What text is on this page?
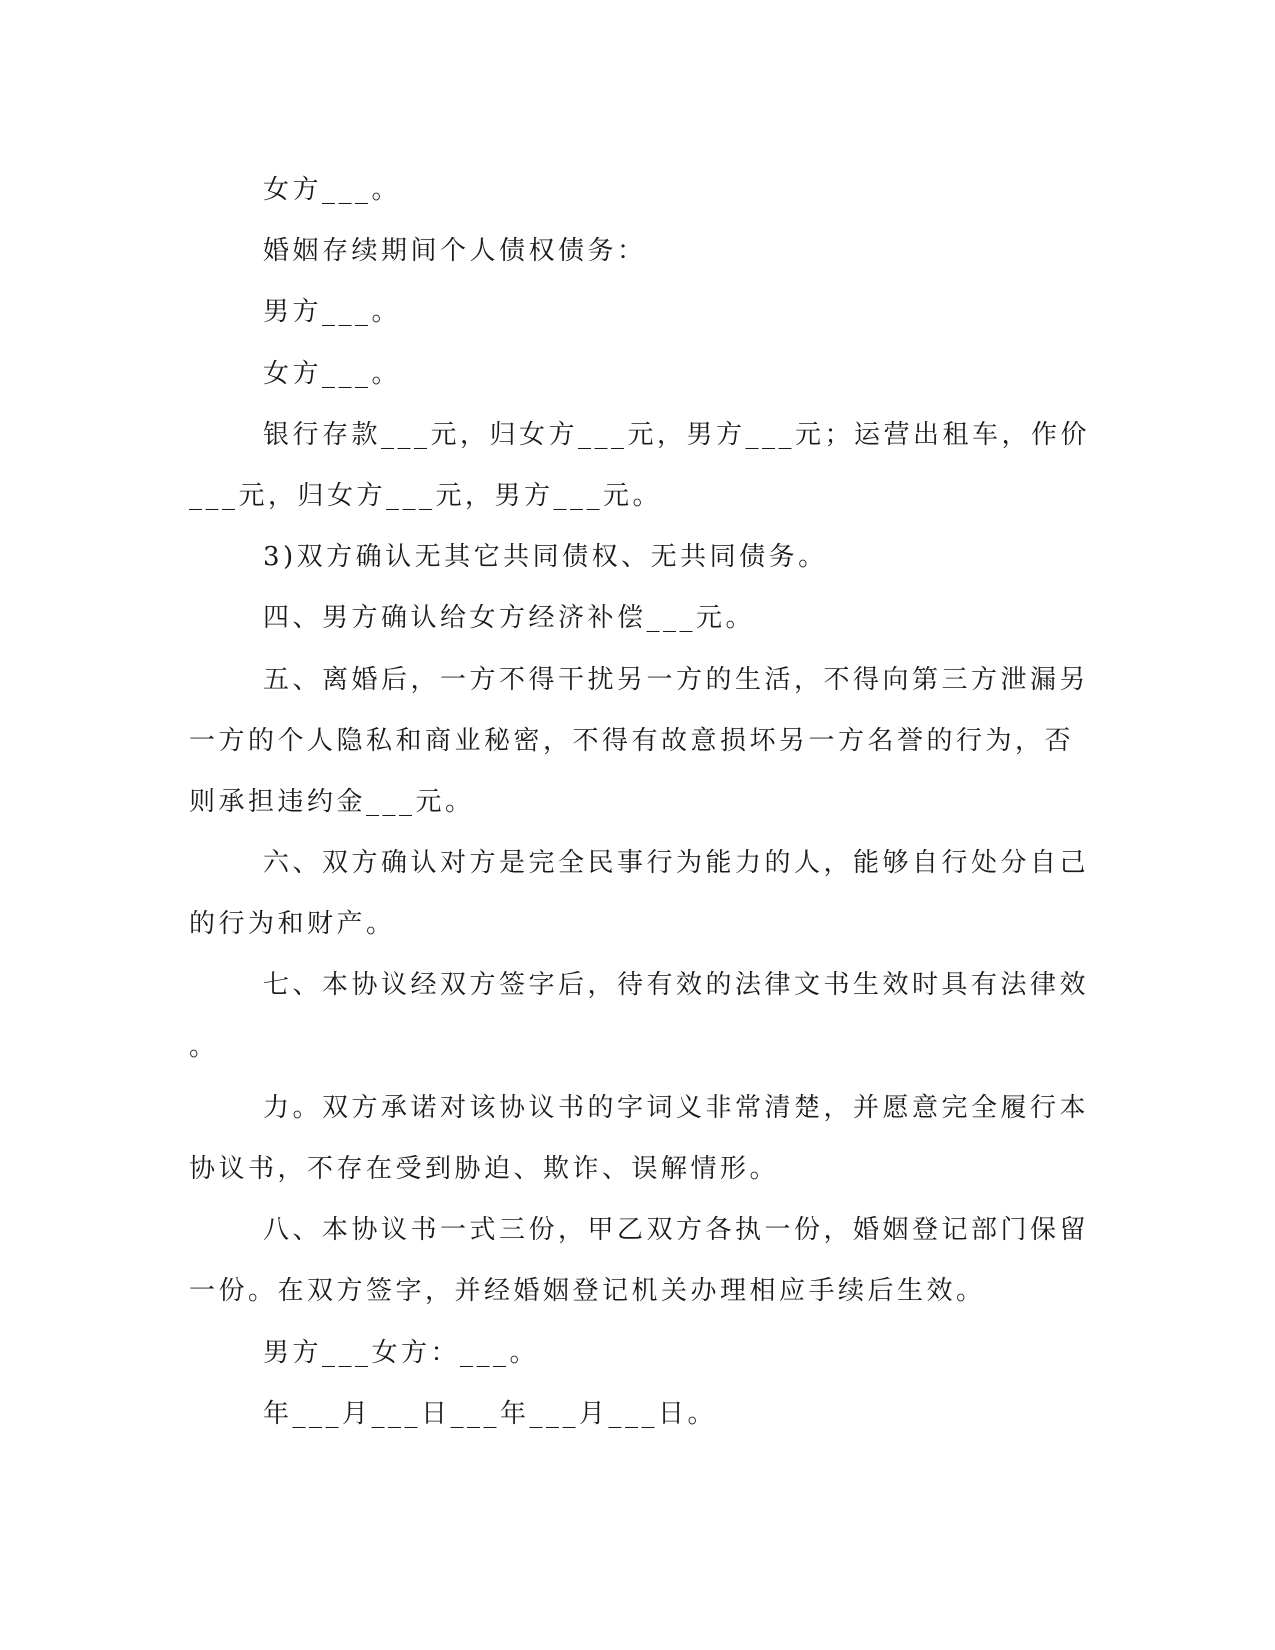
女方___。
婚姻存续期间个人债权债务：
男方___。
女方___。
银行存款___元，归女方___元，男方___元；运营出租车，作价
___元，归女方___元，男方___元。
3)双方确认无其它共同债权、无共同债务。
四、男方确认给女方经济补偿___元。
五、离婚后，一方不得干扰另一方的生活，不得向第三方泄漏另
一方的个人隐私和商业秘密，不得有故意损坏另一方名誉的行为，否
则承担违约金___元。
六、双方确认对方是完全民事行为能力的人，能够自行处分自己
的行为和财产。
七、本协议经双方签字后，待有效的法律文书生效时具有法律效
。
力。双方承诺对该协议书的字词义非常清楚，并愿意完全履行本
协议书，不存在受到胁迫、欺诈、误解情形。
八、本协议书一式三份，甲乙双方各执一份，婚姻登记部门保留
一份。在双方签字，并经婚姻登记机关办理相应手续后生效。
男方___女方：___。
年___月___日___年___月___日。
